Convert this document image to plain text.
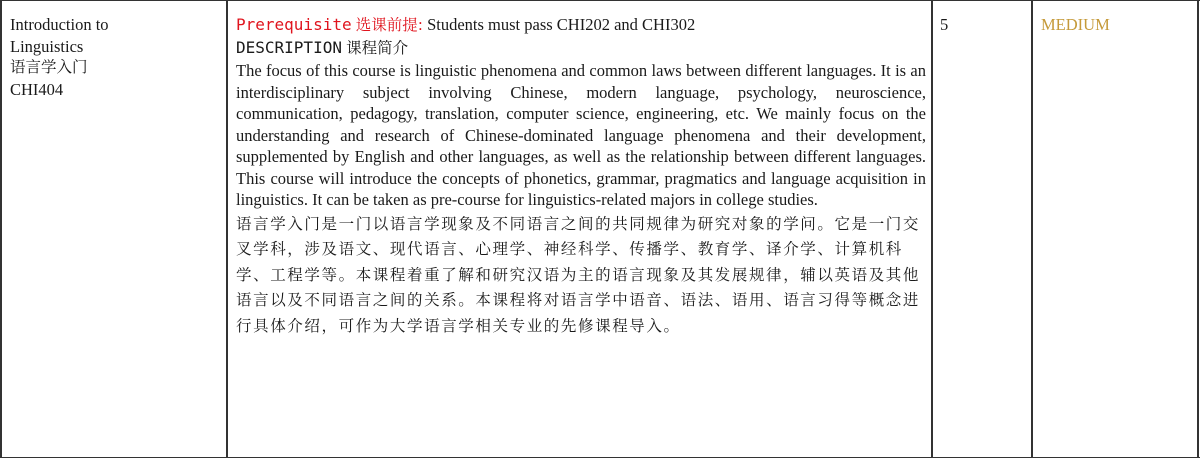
Introduction to
Linguistics
语言学入门
CHI404
Prerequisite 选课前提: Students must pass CHI202 and CHI302
DESCRIPTION 课程简介
The focus of this course is linguistic phenomena and common laws between different languages. It is an interdisciplinary subject involving Chinese, modern language, psychology, neuroscience, communication, pedagogy, translation, computer science, engineering, etc. We mainly focus on the understanding and research of Chinese-dominated language phenomena and their development, supplemented by English and other languages, as well as the relationship between different languages. This course will introduce the concepts of phonetics, grammar, pragmatics and language acquisition in linguistics. It can be taken as pre-course for linguistics-related majors in college studies.
语言学入门是一门以语言学现象及不同语言之间的共同规律为研究对象的学问。它是一门交叉学科，涉及语文、现代语言、心理学、神经科学、传播学、教育学、译介学、计算机科学、工程学等。本课程着重了解和研究汉语为主的语言现象及其发展规律，辅以英语及其他语言以及不同语言之间的关系。本课程将对语言学中语音、语法、语用、语言习得等概念进行具体介绍，可作为大学语言学相关专业的先修课程导入。
5	MEDIUM
